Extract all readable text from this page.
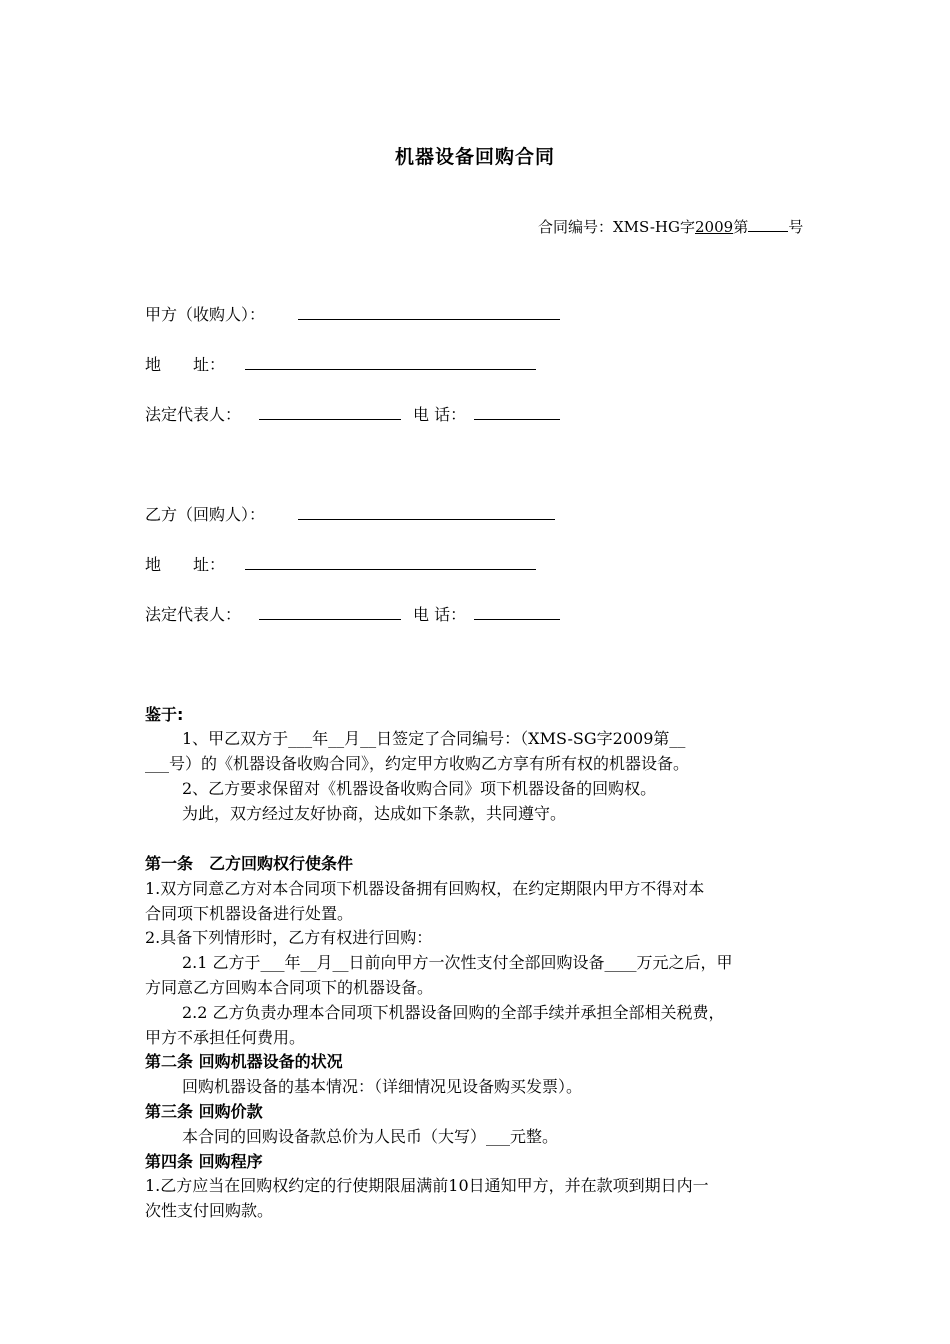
机器设备回购合同
合同编号：XMS-HG字2009第	号
甲方（收购人）：
地　　址：
法定代表人：	电 话：
乙方（回购人）：
地　　址：
法定代表人：	电 话：
鉴于:
1、甲乙双方于___年__月__日签定了合同编号：（XMS-SG字2009第__
___号）的《机器设备收购合同》，约定甲方收购乙方享有所有权的机器设备。
2、乙方要求保留对《机器设备收购合同》项下机器设备的回购权。
为此，双方经过友好协商，达成如下条款，共同遵守。
第一条　乙方回购权行使条件
1.双方同意乙方对本合同项下机器设备拥有回购权，在约定期限内甲方不得对本
合同项下机器设备进行处置。
2.具备下列情形时，乙方有权进行回购：
2.1 乙方于___年__月__日前向甲方一次性支付全部回购设备____万元之后，甲
方同意乙方回购本合同项下的机器设备。
2.2 乙方负责办理本合同项下机器设备回购的全部手续并承担全部相关税费，
甲方不承担任何费用。
第二条 回购机器设备的状况
回购机器设备的基本情况：（详细情况见设备购买发票）。
第三条 回购价款
本合同的回购设备款总价为人民币（大写）___元整。
第四条 回购程序
1.乙方应当在回购权约定的行使期限届满前10日通知甲方，并在款项到期日内一
次性支付回购款。
